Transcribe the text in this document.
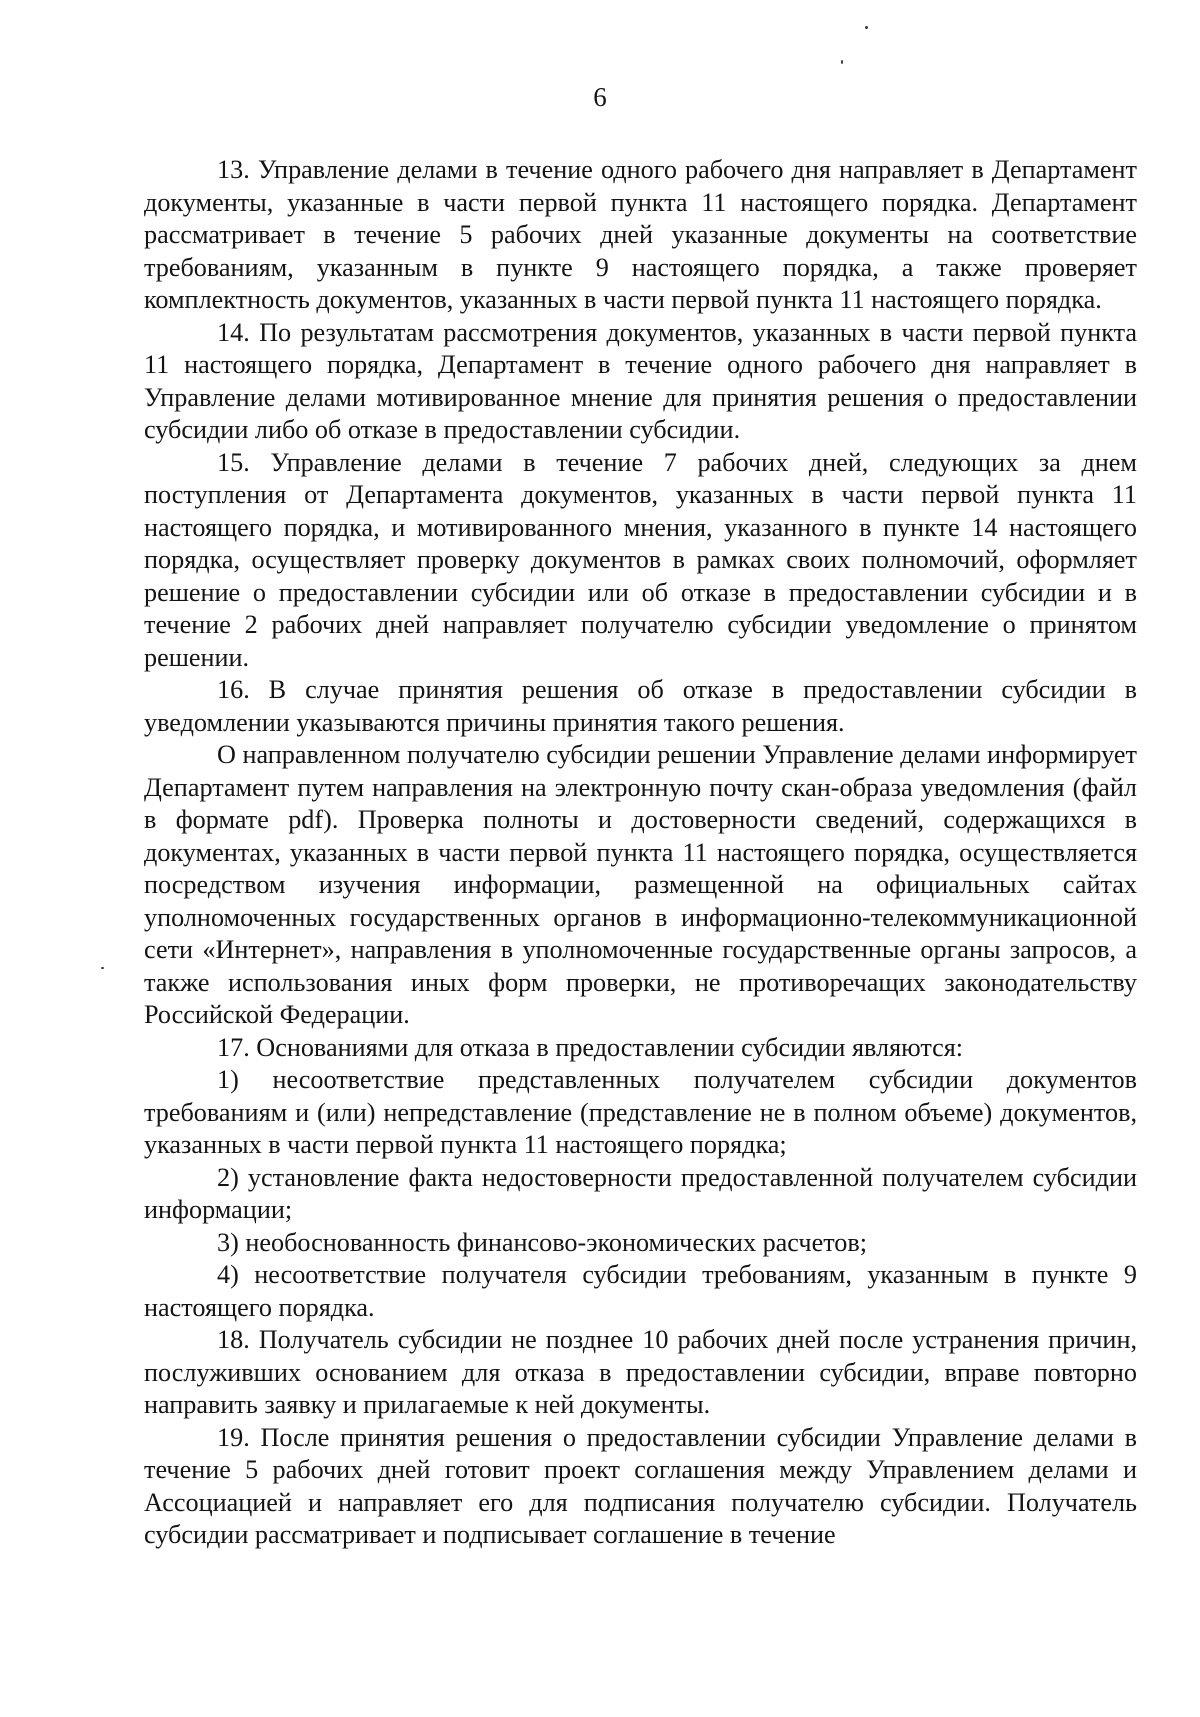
6

13. Управление делами в течение одного рабочего дня направляет в Департамент документы, указанные в части первой пункта 11 настоящего порядка. Департамент рассматривает в течение 5 рабочих дней указанные документы на соответствие требованиям, указанным в пункте 9 настоящего порядка, а также проверяет комплектность документов, указанных в части первой пункта 11 настоящего порядка.

14. По результатам рассмотрения документов, указанных в части первой пункта 11 настоящего порядка, Департамент в течение одного рабочего дня направляет в Управление делами мотивированное мнение для принятия решения о предоставлении субсидии либо об отказе в предоставлении субсидии.

15. Управление делами в течение 7 рабочих дней, следующих за днем поступления от Департамента документов, указанных в части первой пункта 11 настоящего порядка, и мотивированного мнения, указанного в пункте 14 настоящего порядка, осуществляет проверку документов в рамках своих полномочий, оформляет решение о предоставлении субсидии или об отказе в предоставлении субсидии и в течение 2 рабочих дней направляет получателю субсидии уведомление о принятом решении.

16. В случае принятия решения об отказе в предоставлении субсидии в уведомлении указываются причины принятия такого решения.

О направленном получателю субсидии решении Управление делами информирует Департамент путем направления на электронную почту скан-образа уведомления (файл в формате pdf). Проверка полноты и достоверности сведений, содержащихся в документах, указанных в части первой пункта 11 настоящего порядка, осуществляется посредством изучения информации, размещенной на официальных сайтах уполномоченных государственных органов в информационно-телекоммуникационной сети «Интернет», направления в уполномоченные государственные органы запросов, а также использования иных форм проверки, не противоречащих законодательству Российской Федерации.

17. Основаниями для отказа в предоставлении субсидии являются:

1) несоответствие представленных получателем субсидии документов требованиям и (или) непредставление (представление не в полном объеме) документов, указанных в части первой пункта 11 настоящего порядка;

2) установление факта недостоверности предоставленной получателем субсидии информации;

3) необоснованность финансово-экономических расчетов;

4) несоответствие получателя субсидии требованиям, указанным в пункте 9 настоящего порядка.

18. Получатель субсидии не позднее 10 рабочих дней после устранения причин, послуживших основанием для отказа в предоставлении субсидии, вправе повторно направить заявку и прилагаемые к ней документы.

19. После принятия решения о предоставлении субсидии Управление делами в течение 5 рабочих дней готовит проект соглашения между Управлением делами и Ассоциацией и направляет его для подписания получателю субсидии. Получатель субсидии рассматривает и подписывает соглашение в течение
